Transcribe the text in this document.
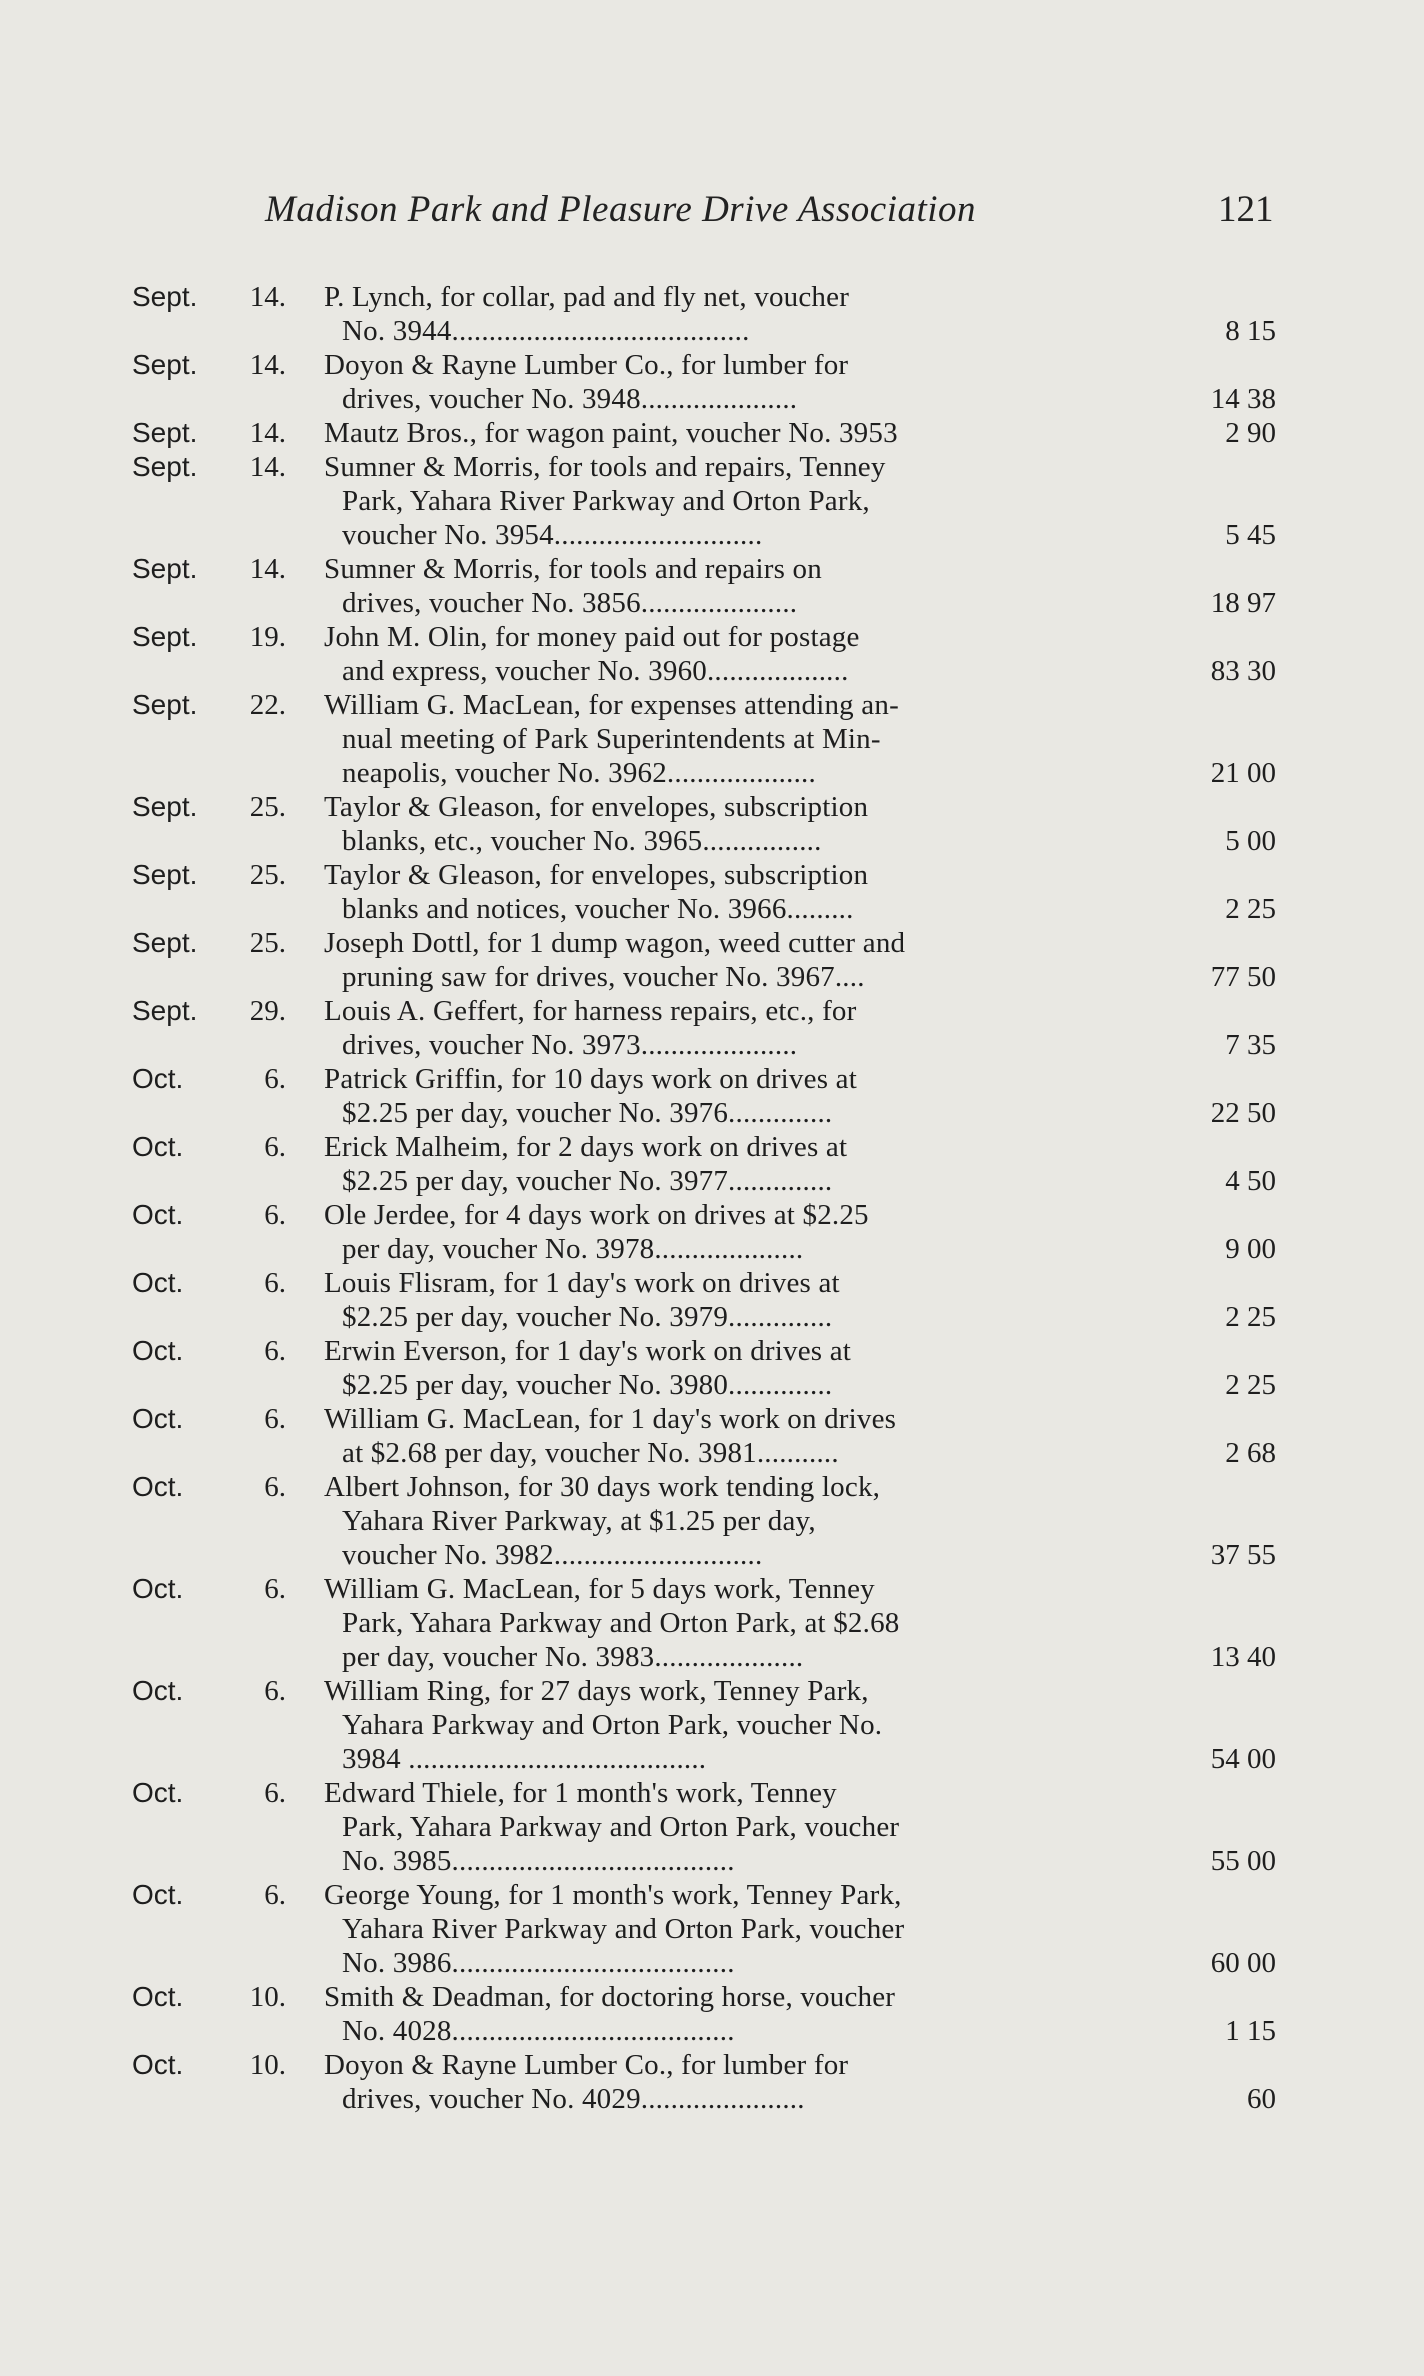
Madison Park and Pleasure Drive Association	121
Sept.	14. P. Lynch, for collar, pad and fly net, voucher
No. 3944........................................	8 15
Sept.	14. Doyon & Rayne Lumber Co., for lumber for
drives, voucher No. 3948.....................	14 38
Sept.	14. Mautz Bros., for wagon paint, voucher No. 3953	2 90
Sept.	14. Sumner & Morris, for tools and repairs, Tenney
Park, Yahara River Parkway and Orton Park,
voucher No. 3954............................	5 45
Sept.	14. Sumner & Morris, for tools and repairs on
drives, voucher No. 3856.....................	18 97
Sept.	19. John M. Olin, for money paid out for postage
and express, voucher No. 3960...................	83 30
Sept.	22. William G. MacLean, for expenses attending an-
nual meeting of Park Superintendents at Min-
neapolis, voucher No. 3962....................	21 00
Sept.	25. Taylor & Gleason, for envelopes, subscription
blanks, etc., voucher No. 3965................	5 00
Sept.	25. Taylor & Gleason, for envelopes, subscription
blanks and notices, voucher No. 3966.........	2 25
Sept.	25. Joseph Dottl, for 1 dump wagon, weed cutter and
pruning saw for drives, voucher No. 3967....	77 50
Sept.	29. Louis A. Geffert, for harness repairs, etc., for
drives, voucher No. 3973.....................	7 35
Oct.	6. Patrick Griffin, for 10 days work on drives at
$2.25 per day, voucher No. 3976..............	22 50
Oct.	6. Erick Malheim, for 2 days work on drives at
$2.25 per day, voucher No. 3977..............	4 50
Oct.	6. Ole Jerdee, for 4 days work on drives at $2.25
per day, voucher No. 3978....................	9 00
Oct.	6. Louis Flisram, for 1 day's work on drives at
$2.25 per day, voucher No. 3979..............	2 25
Oct.	6. Erwin Everson, for 1 day's work on drives at
$2.25 per day, voucher No. 3980..............	2 25
Oct.	6. William G. MacLean, for 1 day's work on drives
at $2.68 per day, voucher No. 3981...........	2 68
Oct.	6. Albert Johnson, for 30 days work tending lock,
Yahara River Parkway, at $1.25 per day,
voucher No. 3982............................	37 55
Oct.	6. William G. MacLean, for 5 days work, Tenney
Park, Yahara Parkway and Orton Park, at $2.68
per day, voucher No. 3983....................	13 40
Oct.	6. William Ring, for 27 days work, Tenney Park,
Yahara Parkway and Orton Park, voucher No.
3984 ........................................	54 00
Oct.	6. Edward Thiele, for 1 month's work, Tenney
Park, Yahara Parkway and Orton Park, voucher
No. 3985......................................	55 00
Oct.	6. George Young, for 1 month's work, Tenney Park,
Yahara River Parkway and Orton Park, voucher
No. 3986......................................	60 00
Oct.	10. Smith & Deadman, for doctoring horse, voucher
No. 4028......................................	1 15
Oct.	10. Doyon & Rayne Lumber Co., for lumber for
drives, voucher No. 4029......................	60
